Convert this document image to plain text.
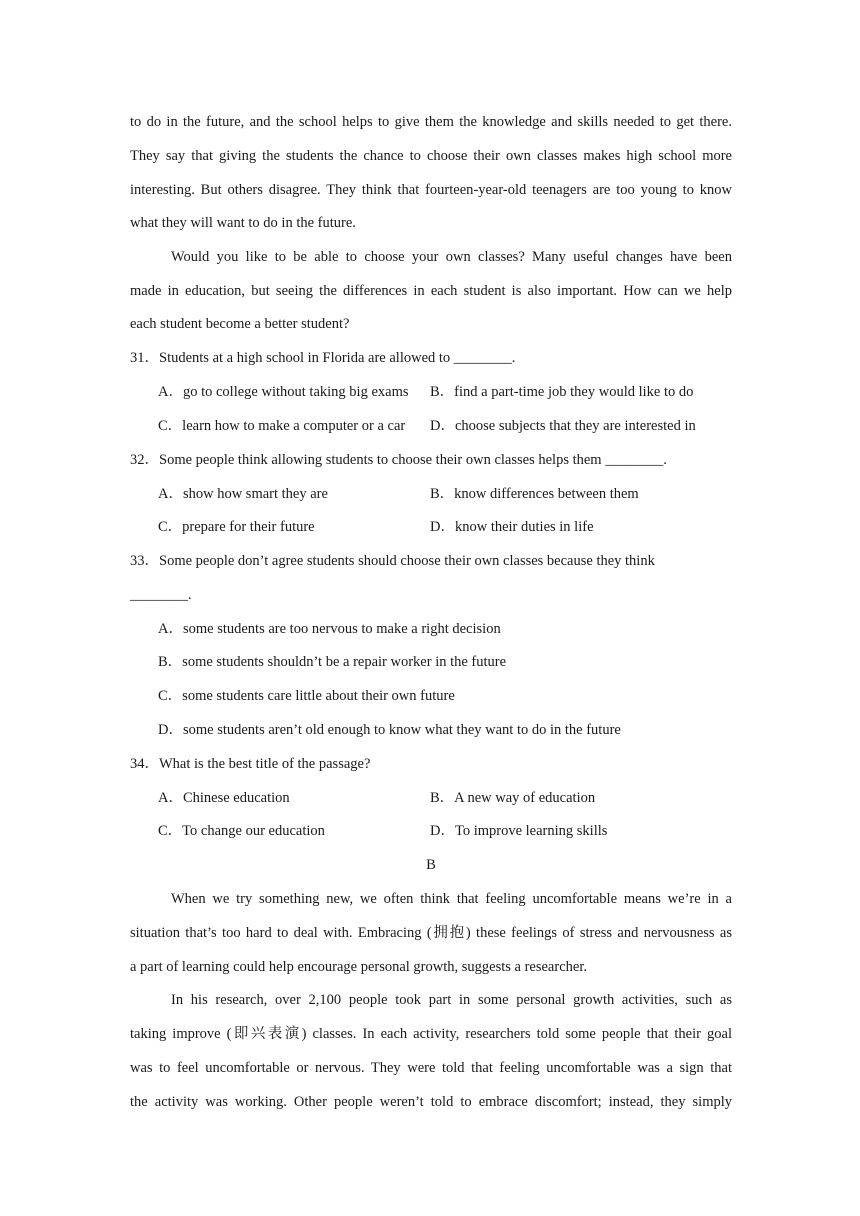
to do in the future, and the school helps to give them the knowledge and skills needed to get there.

They say that giving the students the chance to choose their own classes makes high school more

interesting. But others disagree. They think that fourteen-year-old teenagers are too young to know

what they will want to do in the future.

Would you like to be able to choose your own classes? Many useful changes have been

made in education, but seeing the differences in each student is also important. How can we help

each student become a better student?

31．Students at a high school in Florida are allowed to ________.

A．go to college without taking big exams B．find a part-time job they would like to do

C．learn how to make a computer or a car D．choose subjects that they are interested in

32．Some people think allowing students to choose their own classes helps them ________.

A．show how smart they are	B．know differences between them

C．prepare for their future	D．know their duties in life

33．Some people don’t agree students should choose their own classes because they think

________.

A．some students are too nervous to make a right decision

B．some students shouldn’t be a repair worker in the future

C．some students care little about their own future

D．some students aren’t old enough to know what they want to do in the future

34．What is the best title of the passage?

A．Chinese education	B．A new way of education

C．To change our education	D．To improve learning skills

B

When we try something new, we often think that feeling uncomfortable means we’re in a

situation that’s too hard to deal with. Embracing (拥抱) these feelings of stress and nervousness as

a part of learning could help encourage personal growth, suggests a researcher.

In his research, over 2,100 people took part in some personal growth activities, such as

taking improve (即兴表演) classes. In each activity, researchers told some people that their goal

was to feel uncomfortable or nervous. They were told that feeling uncomfortable was a sign that

the activity was working. Other people weren’t told to embrace discomfort; instead, they simply
